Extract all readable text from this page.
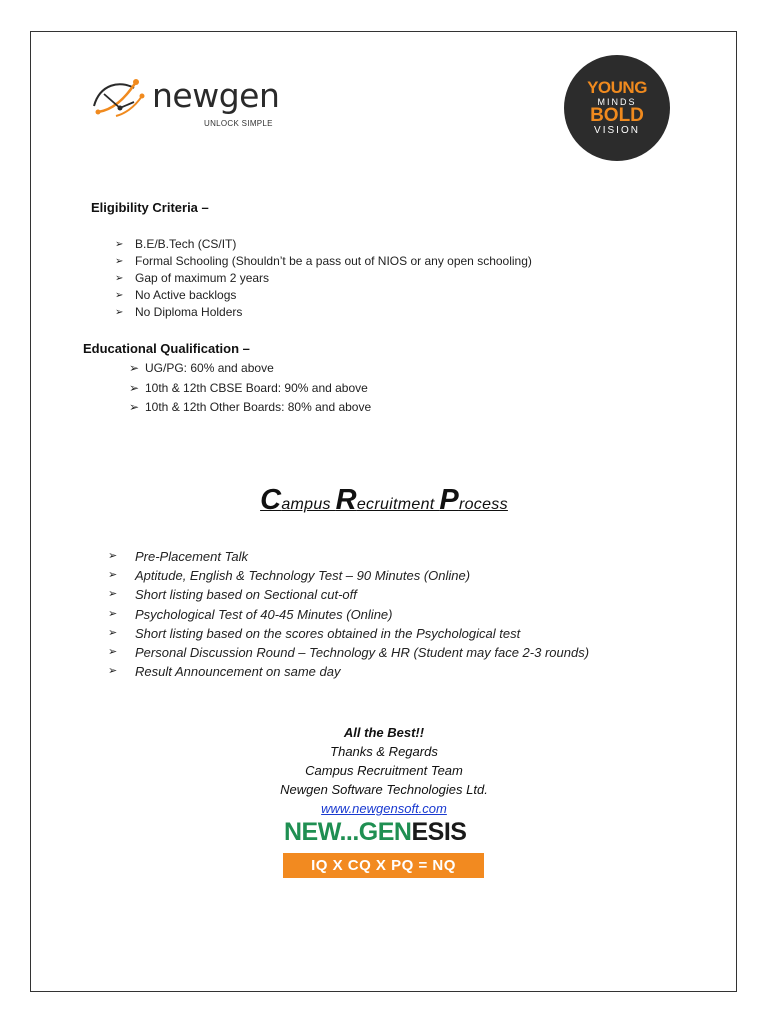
newgen
UNLOCK SIMPLE
YOUNG
MINDS
BOLD
VISION
Eligibility Criteria –
➢ B.E/B.Tech (CS/IT)
➢ Formal Schooling (Shouldn’t be a pass out of NIOS or any open schooling)
➢ Gap of maximum 2 years
➢ No Active backlogs
➢ No Diploma Holders
Educational Qualification –
➢ UG/PG: 60% and above
➢ 10th & 12th CBSE Board: 90% and above
➢ 10th & 12th Other Boards: 80% and above
Campus Recruitment Process
➢ Pre-Placement Talk
➢ Aptitude, English & Technology Test – 90 Minutes (Online)
➢ Short listing based on Sectional cut-off
➢ Psychological Test of 40-45 Minutes (Online)
➢ Short listing based on the scores obtained in the Psychological test
➢ Personal Discussion Round – Technology & HR (Student may face 2-3 rounds)
➢ Result Announcement on same day
All the Best!!
Thanks & Regards
Campus Recruitment Team
Newgen Software Technologies Ltd.
www.newgensoft.com
NEW...GENESIS
IQ X CQ X PQ = NQ
